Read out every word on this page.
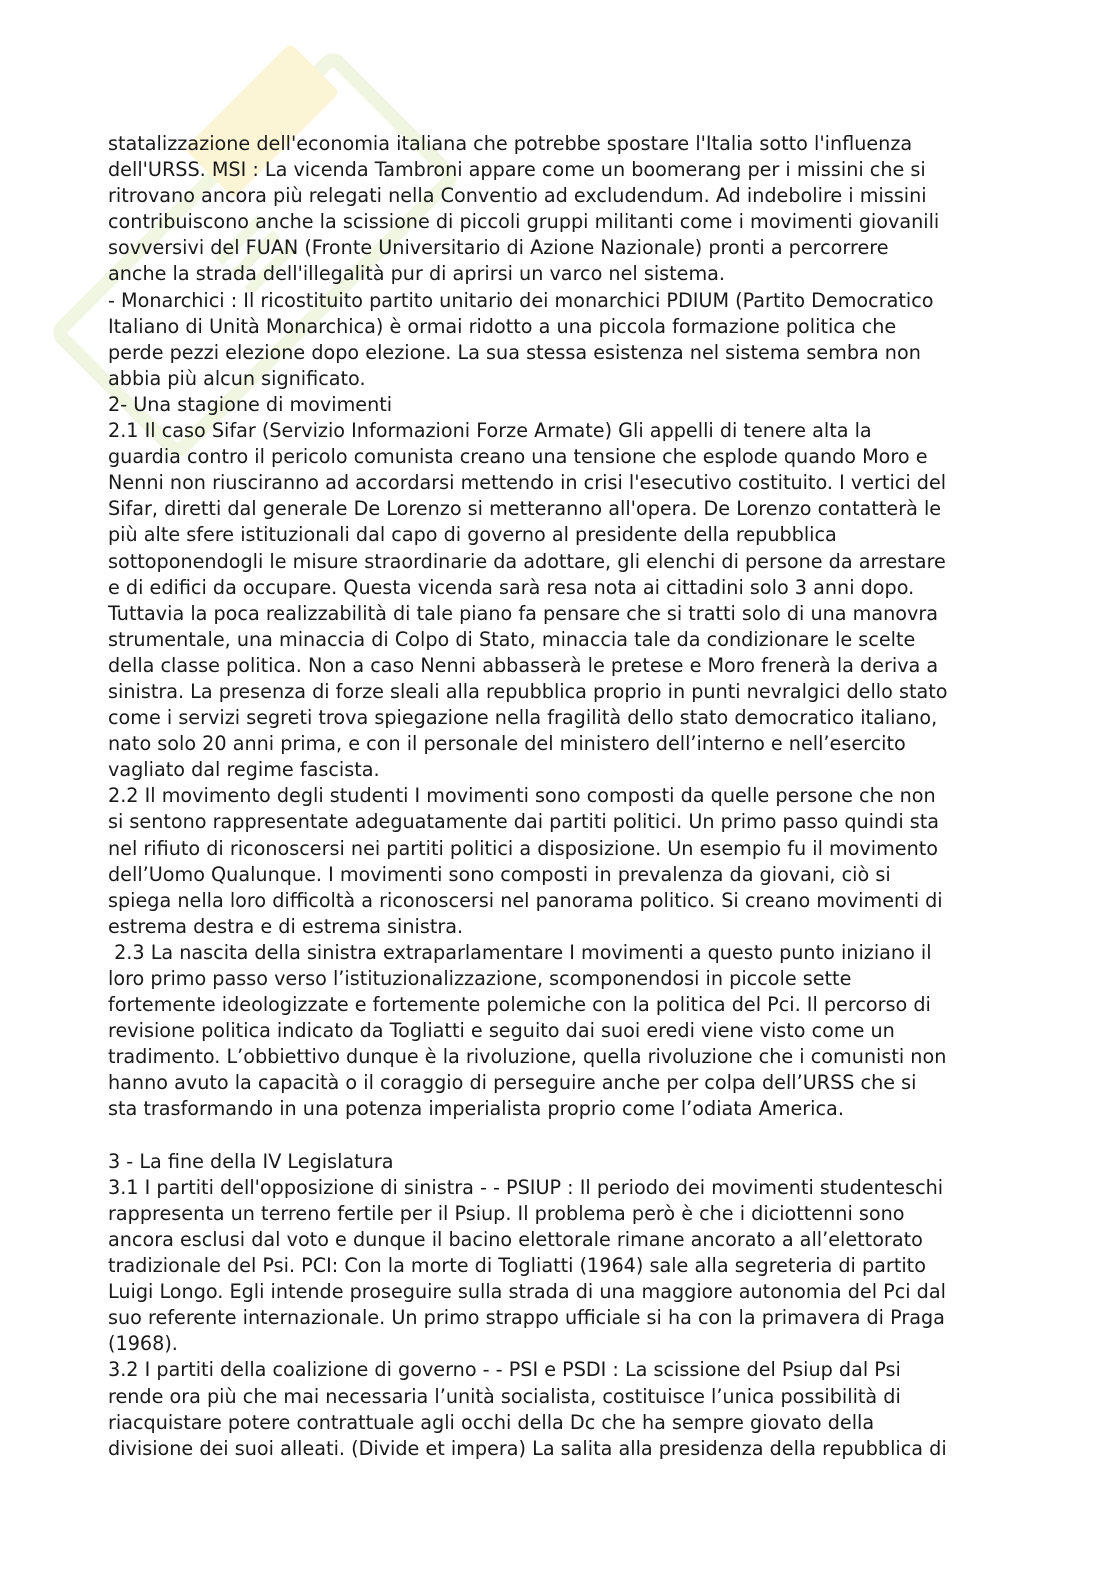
≡

statalizzazione dell'economia italiana che potrebbe spostare l'Italia sotto l'influenza

dell'URSS. MSI : La vicenda Tambroni appare come un boomerang per i missini che si

ritrovano ancora più relegati nella Conventio ad excludendum. Ad indebolire i missini

contribuiscono anche la scissione di piccoli gruppi militanti come i movimenti giovanili

sovversivi del FUAN (Fronte Universitario di Azione Nazionale) pronti a percorrere

anche la strada dell'illegalità pur di aprirsi un varco nel sistema.

- Monarchici : Il ricostituito partito unitario dei monarchici PDIUM (Partito Democratico

Italiano di Unità Monarchica) è ormai ridotto a una piccola formazione politica che

perde pezzi elezione dopo elezione. La sua stessa esistenza nel sistema sembra non

abbia più alcun significato.

2- Una stagione di movimenti

2.1 Il caso Sifar (Servizio Informazioni Forze Armate) Gli appelli di tenere alta la

guardia contro il pericolo comunista creano una tensione che esplode quando Moro e

Nenni non riusciranno ad accordarsi mettendo in crisi l'esecutivo costituito. I vertici del

Sifar, diretti dal generale De Lorenzo si metteranno all'opera. De Lorenzo contatterà le

più alte sfere istituzionali dal capo di governo al presidente della repubblica

sottoponendogli le misure straordinarie da adottare, gli elenchi di persone da arrestare

e di edifici da occupare. Questa vicenda sarà resa nota ai cittadini solo 3 anni dopo.

Tuttavia la poca realizzabilità di tale piano fa pensare che si tratti solo di una manovra

strumentale, una minaccia di Colpo di Stato, minaccia tale da condizionare le scelte

della classe politica. Non a caso Nenni abbasserà le pretese e Moro frenerà la deriva a

sinistra. La presenza di forze sleali alla repubblica proprio in punti nevralgici dello stato

come i servizi segreti trova spiegazione nella fragilità dello stato democratico italiano,

nato solo 20 anni prima, e con il personale del ministero dell’interno e nell’esercito

vagliato dal regime fascista.

2.2 Il movimento degli studenti I movimenti sono composti da quelle persone che non

si sentono rappresentate adeguatamente dai partiti politici. Un primo passo quindi sta

nel rifiuto di riconoscersi nei partiti politici a disposizione. Un esempio fu il movimento

dell’Uomo Qualunque. I movimenti sono composti in prevalenza da giovani, ciò si

spiega nella loro difficoltà a riconoscersi nel panorama politico. Si creano movimenti di

estrema destra e di estrema sinistra.

2.3 La nascita della sinistra extraparlamentare I movimenti a questo punto iniziano il

loro primo passo verso l’istituzionalizzazione, scomponendosi in piccole sette

fortemente ideologizzate e fortemente polemiche con la politica del Pci. Il percorso di

revisione politica indicato da Togliatti e seguito dai suoi eredi viene visto come un

tradimento. L’obbiettivo dunque è la rivoluzione, quella rivoluzione che i comunisti non

hanno avuto la capacità o il coraggio di perseguire anche per colpa dell’URSS che si

sta trasformando in una potenza imperialista proprio come l’odiata America.

3 - La fine della IV Legislatura

3.1 I partiti dell'opposizione di sinistra - - PSIUP : Il periodo dei movimenti studenteschi

rappresenta un terreno fertile per il Psiup. Il problema però è che i diciottenni sono

ancora esclusi dal voto e dunque il bacino elettorale rimane ancorato a all’elettorato

tradizionale del Psi. PCI: Con la morte di Togliatti (1964) sale alla segreteria di partito

Luigi Longo. Egli intende proseguire sulla strada di una maggiore autonomia del Pci dal

suo referente internazionale. Un primo strappo ufficiale si ha con la primavera di Praga

(1968).

3.2 I partiti della coalizione di governo - - PSI e PSDI : La scissione del Psiup dal Psi

rende ora più che mai necessaria l’unità socialista, costituisce l’unica possibilità di

riacquistare potere contrattuale agli occhi della Dc che ha sempre giovato della

divisione dei suoi alleati. (Divide et impera) La salita alla presidenza della repubblica di
